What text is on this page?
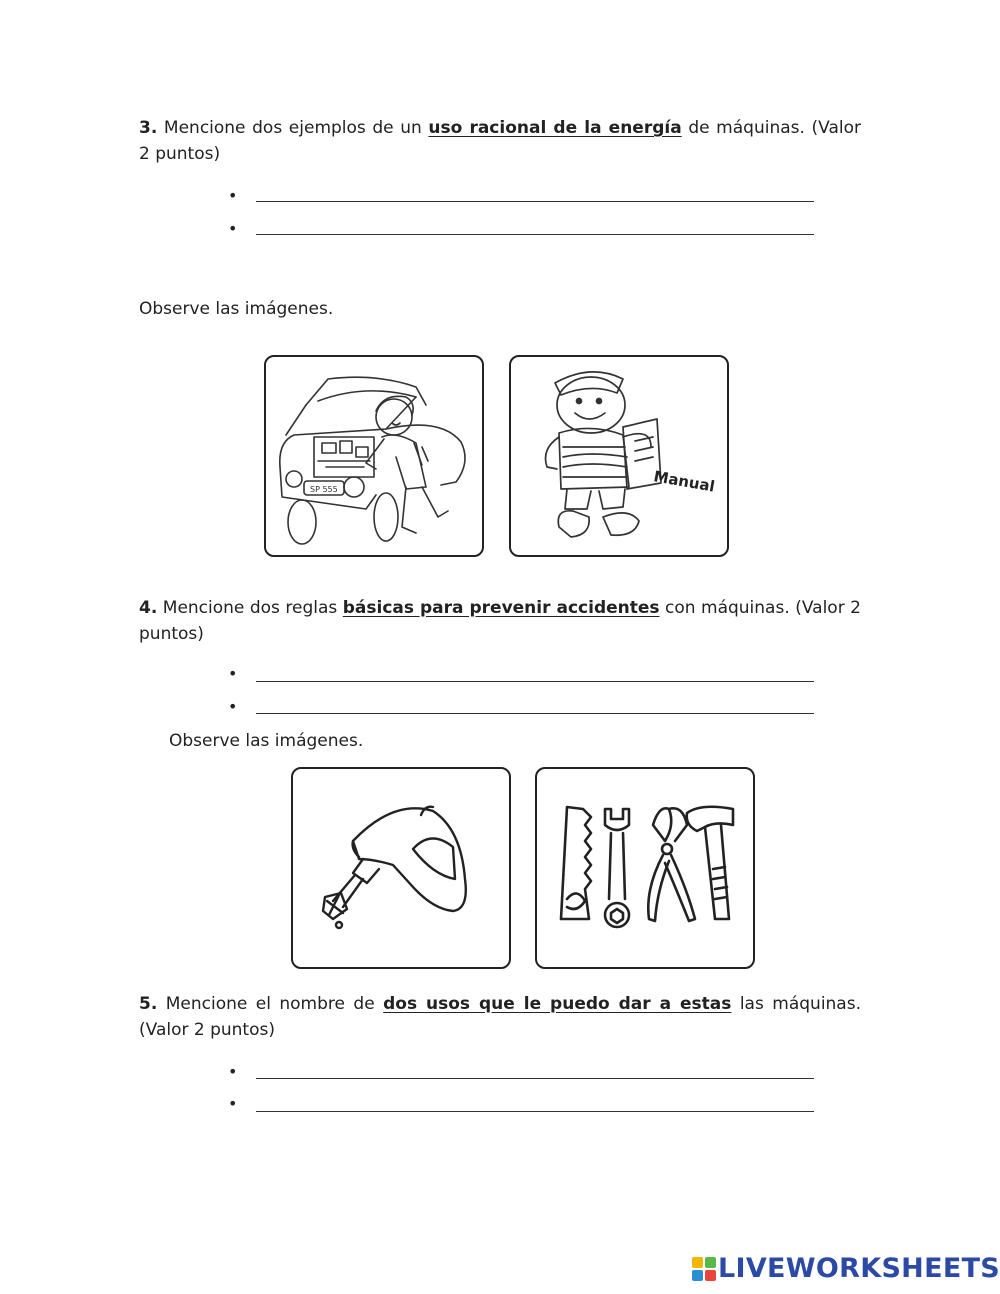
3. Mencione dos ejemplos de un uso racional de la energía de máquinas. (Valor 2 puntos)
•
•
Observe las imágenes.
SP 555	Manual
4. Mencione dos reglas básicas para prevenir accidentes con máquinas. (Valor 2 puntos)
•
•
Observe las imágenes.
5. Mencione el nombre de dos usos que le puedo dar a estas las máquinas. (Valor 2 puntos)
•
•
LIVEWORKSHEETS
